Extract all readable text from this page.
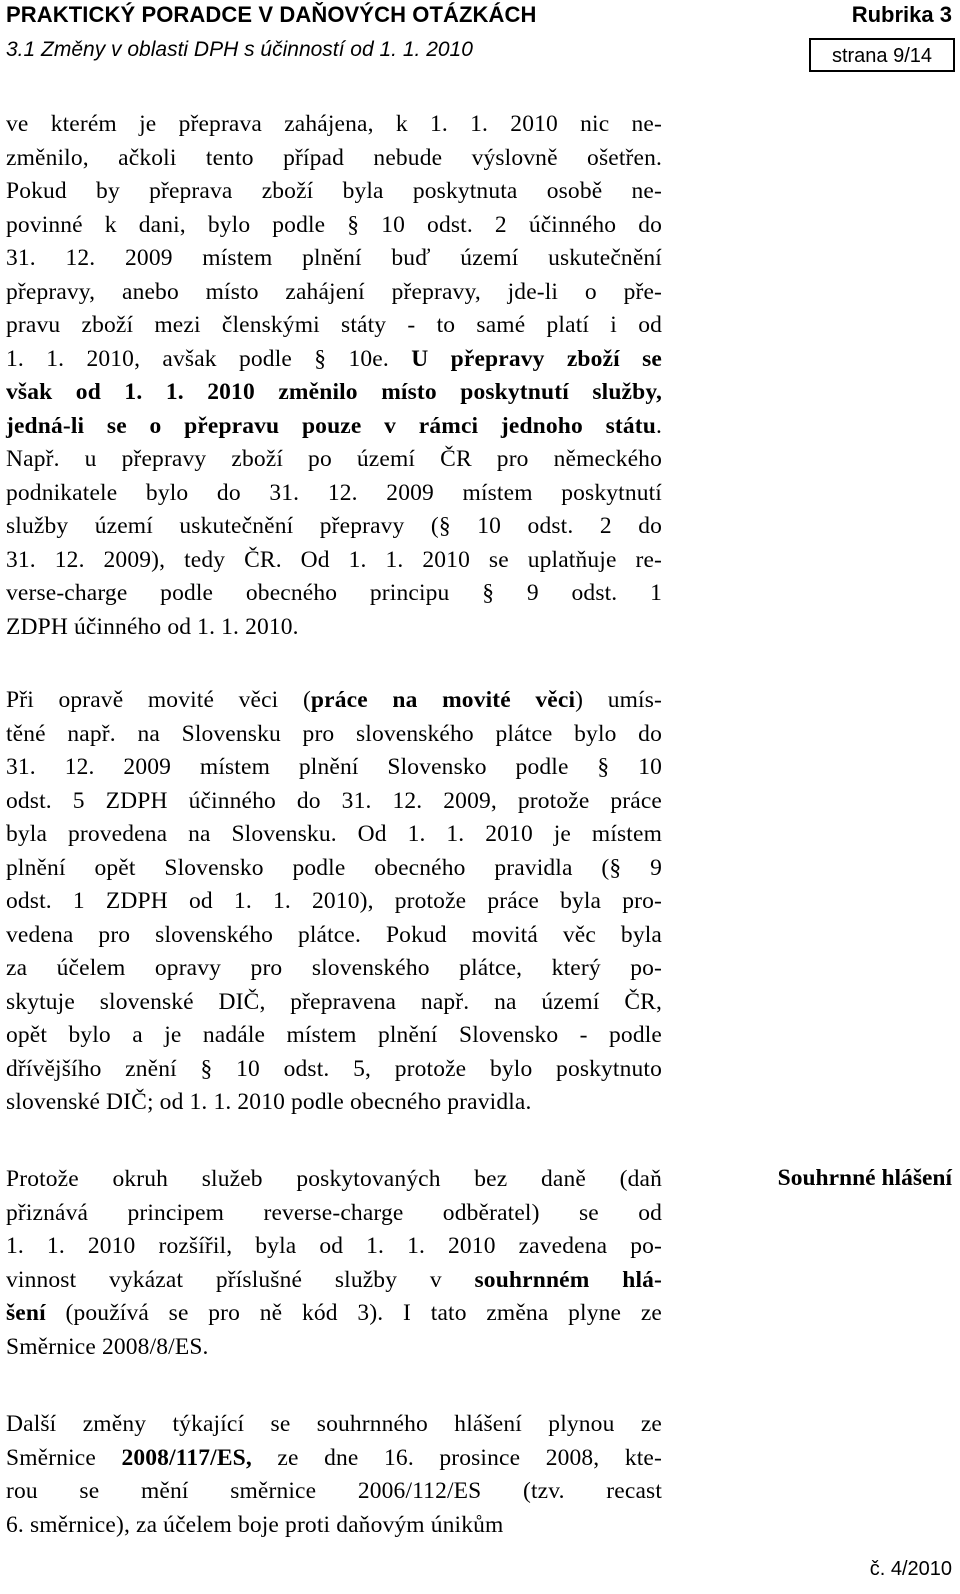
PRAKTICKÝ PORADCE V DAŇOVÝCH OTÁZKÁCH	Rubrika 3
3.1 Změny v oblasti DPH s účinností od 1. 1. 2010	strana 9/14
ve kterém je přeprava zahájena, k 1. 1. 2010 nic ne-
změnilo, ačkoli tento případ nebude výslovně ošetřen.
Pokud by přeprava zboží byla poskytnuta osobě ne-
povinné k dani, bylo podle § 10 odst. 2 účinného do
31. 12. 2009 místem plnění buď území uskutečnění
přepravy, anebo místo zahájení přepravy, jde-li o pře-
pravu zboží mezi členskými státy - to samé platí i od
1. 1. 2010, avšak podle § 10e. U přepravy zboží se
však od 1. 1. 2010 změnilo místo poskytnutí služby,
jedná-li se o přepravu pouze v rámci jednoho státu.
Např. u přepravy zboží po území ČR pro německého
podnikatele bylo do 31. 12. 2009 místem poskytnutí
služby území uskutečnění přepravy (§ 10 odst. 2 do
31. 12. 2009), tedy ČR. Od 1. 1. 2010 se uplatňuje re-
verse-charge podle obecného principu § 9 odst. 1
ZDPH účinného od 1. 1. 2010.
Při opravě movité věci (práce na movité věci) umís-
těné např. na Slovensku pro slovenského plátce bylo do
31. 12. 2009 místem plnění Slovensko podle § 10
odst. 5 ZDPH účinného do 31. 12. 2009, protože práce
byla provedena na Slovensku. Od 1. 1. 2010 je místem
plnění opět Slovensko podle obecného pravidla (§ 9
odst. 1 ZDPH od 1. 1. 2010), protože práce byla pro-
vedena pro slovenského plátce. Pokud movitá věc byla
za účelem opravy pro slovenského plátce, který po-
skytuje slovenské DIČ, přepravena např. na území ČR,
opět bylo a je nadále místem plnění Slovensko - podle
dřívějšího znění § 10 odst. 5, protože bylo poskytnuto
slovenské DIČ; od 1. 1. 2010 podle obecného pravidla.
Protože okruh služeb poskytovaných bez daně (daň
přiznává principem reverse-charge odběratel) se od
1. 1. 2010 rozšířil, byla od 1. 1. 2010 zavedena po-
vinnost vykázat příslušné služby v souhrnném hlá-
šení (používá se pro ně kód 3). I tato změna plyne ze
Směrnice 2008/8/ES.
Další změny týkající se souhrnného hlášení plynou ze
Směrnice 2008/117/ES, ze dne 16. prosince 2008, kte-
rou se mění směrnice 2006/112/ES (tzv. recast
6. směrnice), za účelem boje proti daňovým únikům
Souhrnné hlášení
č. 4/2010
